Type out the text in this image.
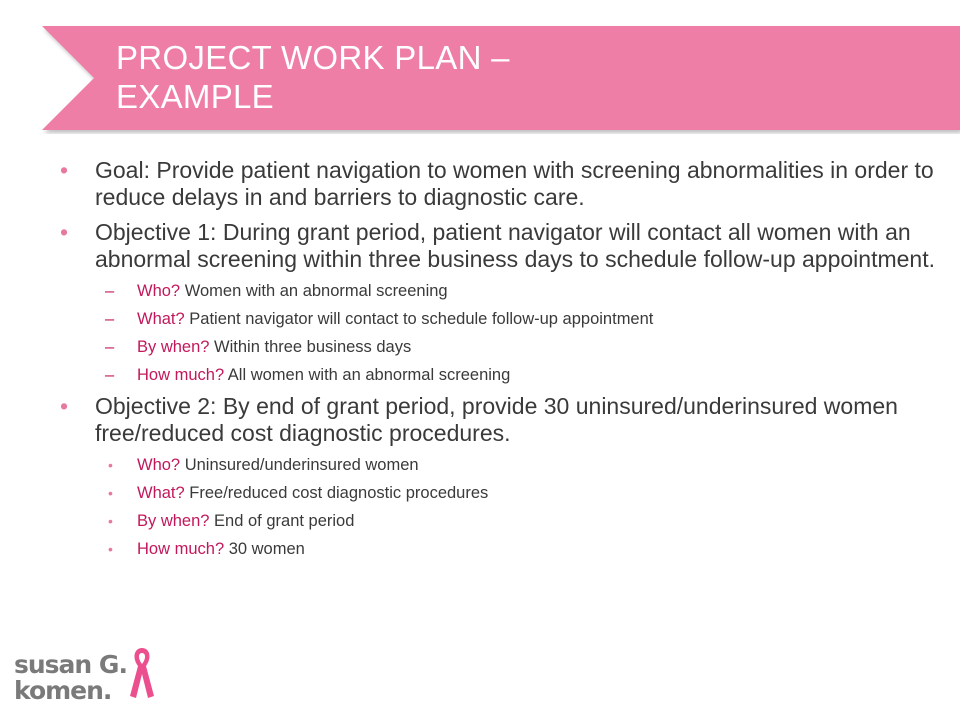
PROJECT WORK PLAN –
EXAMPLE
• Goal: Provide patient navigation to women with screening abnormalities in order to reduce delays in and barriers to diagnostic care.
• Objective 1: During grant period, patient navigator will contact all women with an abnormal screening within three business days to schedule follow-up appointment.
– Who? Women with an abnormal screening
– What? Patient navigator will contact to schedule follow-up appointment
– By when? Within three business days
– How much? All women with an abnormal screening
• Objective 2: By end of grant period, provide 30 uninsured/underinsured women free/reduced cost diagnostic procedures.
• Who? Uninsured/underinsured women
• What? Free/reduced cost diagnostic procedures
• By when? End of grant period
• How much? 30 women
susan G.
komen.
